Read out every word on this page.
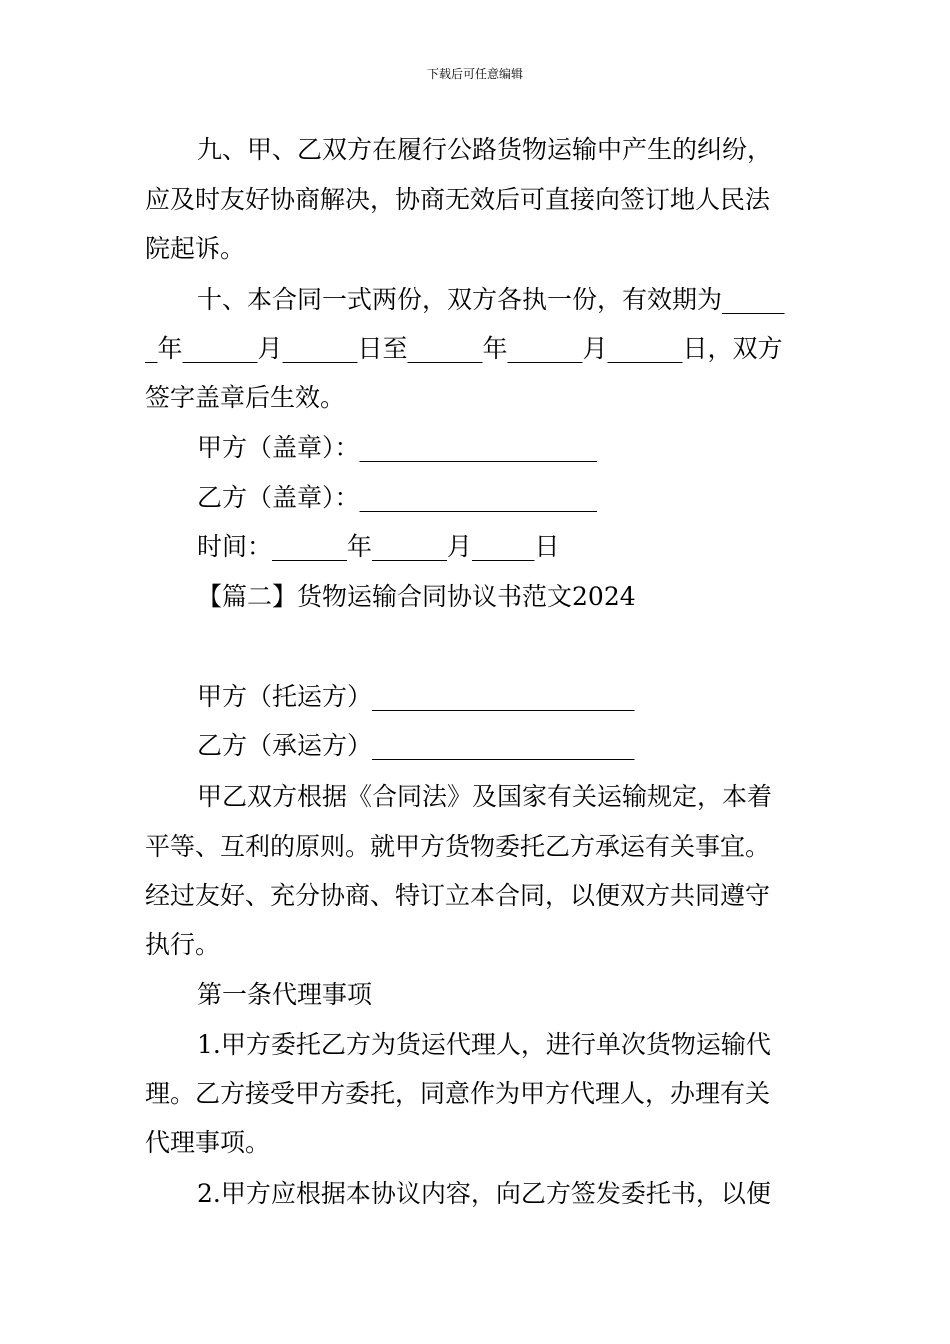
下载后可任意编辑
九、甲、乙双方在履行公路货物运输中产生的纠纷，
应及时友好协商解决，协商无效后可直接向签订地人民法
院起诉。
十、本合同一式两份，双方各执一份，有效期为_____
_年______月______日至______年______月______日，双方
签字盖章后生效。
甲方（盖章）：___________________
乙方（盖章）：___________________
时间：______年______月_____日
【篇二】货物运输合同协议书范文2024
甲方（托运方）_____________________
乙方（承运方）_____________________
甲乙双方根据《合同法》及国家有关运输规定，本着
平等、互利的原则。就甲方货物委托乙方承运有关事宜。
经过友好、充分协商、特订立本合同，以便双方共同遵守
执行。
第一条代理事项
1.甲方委托乙方为货运代理人，进行单次货物运输代
理。乙方接受甲方委托，同意作为甲方代理人，办理有关
代理事项。
2.甲方应根据本协议内容，向乙方签发委托书，以便
